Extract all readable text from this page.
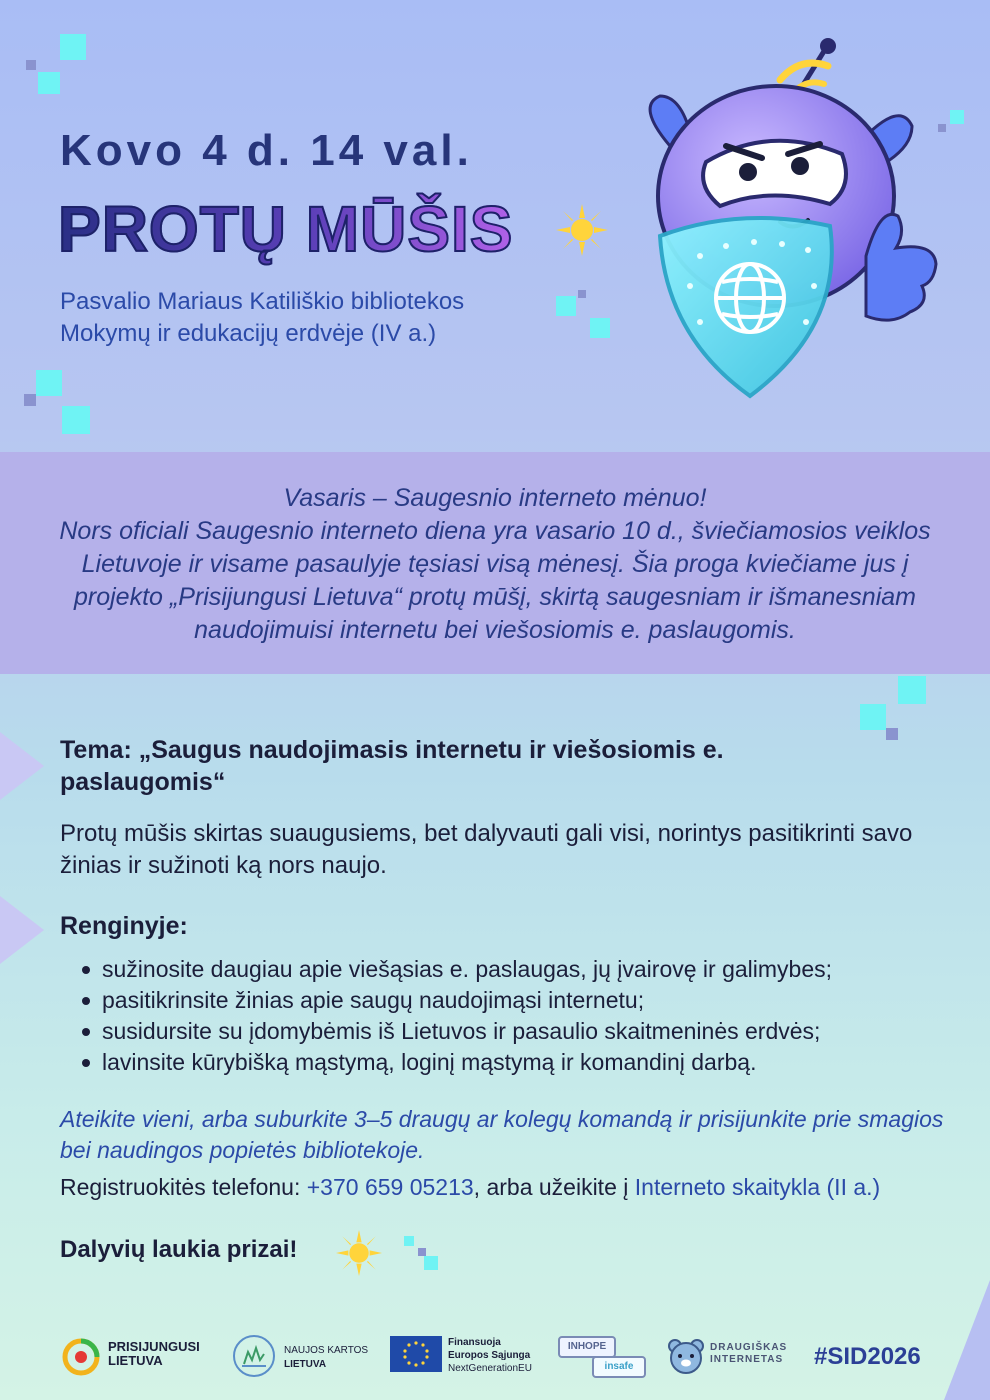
Kovo 4 d. 14 val.
PROTŲ MŪŠIS
Pasvalio Mariaus Katiliškio bibliotekos
Mokymų ir edukacijų erdvėje (IV a.)
Vasaris – Saugesnio interneto mėnuo!
Nors oficiali Saugesnio interneto diena yra vasario 10 d., šviečiamosios veiklos Lietuvoje ir visame pasaulyje tęsiasi visą mėnesį. Šia proga kviečiame jus į projekto „Prisijungusi Lietuva“ protų mūšį, skirtą saugesniam ir išmanesniam naudojimuisi internetu bei viešosiomis e. paslaugomis.
Tema: „Saugus naudojimasis internetu ir viešosiomis e. paslaugomis“
Protų mūšis skirtas suaugusiems, bet dalyvauti gali visi, norintys pasitikrinti savo žinias ir sužinoti ką nors naujo.
Renginyje:
sužinosite daugiau apie viešąsias e. paslaugas, jų įvairovę ir galimybes;
pasitikrinsite žinias apie saugų naudojimąsi internetu;
susidursite su įdomybėmis iš Lietuvos ir pasaulio skaitmeninės erdvės;
lavinsite kūrybišką mąstymą, loginį mąstymą ir komandinį darbą.
Ateikite vieni, arba suburkite 3–5 draugų ar kolegų komandą ir prisijunkite prie smagios bei naudingos popietės bibliotekoje.
Registruokitės telefonu: +370 659 05213, arba užeikite į Interneto skaitykla (II a.)
Dalyvių laukia prizai!
PRISIJUNGUSI
LIETUVA
NAUJOS KARTOS
LIETUVA
Finansuoja
Europos Sąjunga
NextGenerationEU
INHOPE
insafe
DRAUGIŠKAS
INTERNETAS #SID2026
